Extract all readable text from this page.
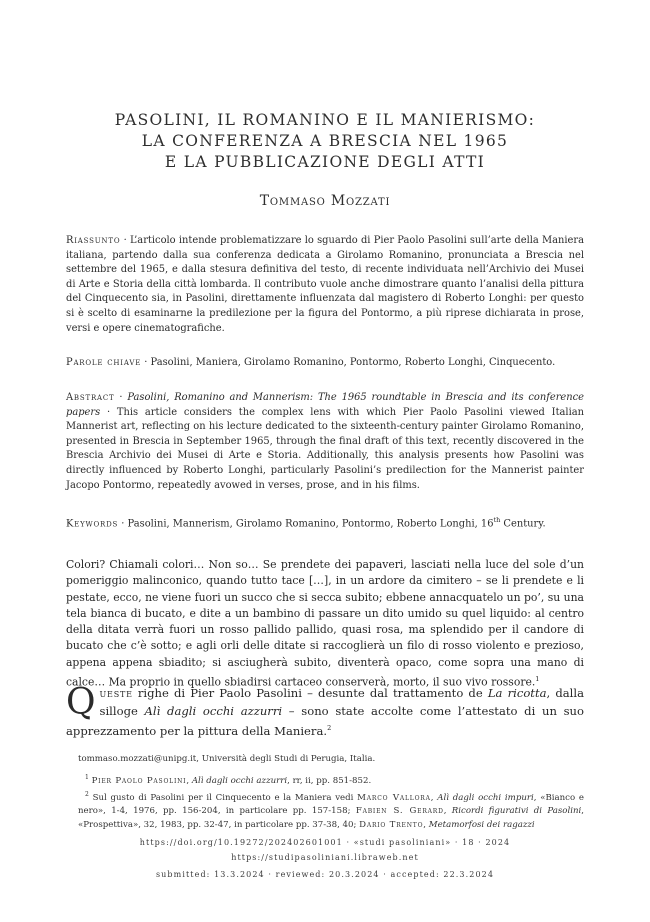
PASOLINI, IL ROMANINO E IL MANIERISMO:
LA CONFERENZA A BRESCIA NEL 1965
E LA PUBBLICAZIONE DEGLI ATTI
Tommaso Mozzati
Riassunto · L’articolo intende problematizzare lo sguardo di Pier Paolo Pasolini sull’arte della Maniera italiana, partendo dalla sua conferenza dedicata a Girolamo Romanino, pronunciata a Brescia nel settembre del 1965, e dalla stesura definitiva del testo, di recente individuata nell’Archivio dei Musei di Arte e Storia della città lombarda. Il contributo vuole anche dimostrare quanto l’analisi della pittura del Cinquecento sia, in Pasolini, direttamente influenzata dal magistero di Roberto Longhi: per questo si è scelto di esaminarne la predilezione per la figura del Pontormo, a più riprese dichiarata in prose, versi e opere cinematografiche.
Parole chiave · Pasolini, Maniera, Girolamo Romanino, Pontormo, Roberto Longhi, Cinquecento.
Abstract · Pasolini, Romanino and Mannerism: The 1965 roundtable in Brescia and its conference papers · This article considers the complex lens with which Pier Paolo Pasolini viewed Italian Mannerist art, reflecting on his lecture dedicated to the sixteenth-century painter Girolamo Romanino, presented in Brescia in September 1965, through the final draft of this text, recently discovered in the Brescia Archivio dei Musei di Arte e Storia. Additionally, this analysis presents how Pasolini was directly influenced by Roberto Longhi, particularly Pasolini’s predilection for the Mannerist painter Jacopo Pontormo, repeatedly avowed in verses, prose, and in his films.
Keywords · Pasolini, Mannerism, Girolamo Romanino, Pontormo, Roberto Longhi, 16th Century.
Colori? Chiamali colori… Non so… Se prendete dei papaveri, lasciati nella luce del sole d’un pomeriggio malinconico, quando tutto tace […], in un ardore da cimitero – se li prendete e li pestate, ecco, ne viene fuori un succo che si secca subito; ebbene annacquatelo un po’, su una tela bianca di bucato, e dite a un bambino di passare un dito umido su quel liquido: al centro della ditata verrà fuori un rosso pallido pallido, quasi rosa, ma splendido per il candore di bucato che c’è sotto; e agli orli delle ditate si raccoglierà un filo di rosso violento e prezioso, appena appena sbiadito; si asciugherà subito, diventerà opaco, come sopra una mano di calce… Ma proprio in quello sbiadirsi cartaceo conserverà, morto, il suo vivo rossore.$^1$
Queste righe di Pier Paolo Pasolini – desunte dal trattamento de La ricotta, dalla silloge Alì dagli occhi azzurri – sono state accolte come l’attestato di un suo apprezzamento per la pittura della Maniera.$^2$
tommaso.mozzati@unipg.it, Università degli Studi di Perugia, Italia.
$^1$ Pier Paolo Pasolini, Alì dagli occhi azzurri, rr, ii, pp. 851-852.
$^2$ Sul gusto di Pasolini per il Cinquecento e la Maniera vedi Marco Vallora, Alì dagli occhi impuri, «Bianco e nero», 1-4, 1976, pp. 156-204, in particolare pp. 157-158; Fabien S. Gerard, Ricordi figurativi di Pasolini, «Prospettiva», 32, 1983, pp. 32-47, in particolare pp. 37-38, 40; Dario Trento, Metamorfosi dei ragazzi
https://doi.org/10.19272/202402601001 · «studi pasoliniani» · 18 · 2024
https://studipasoliniani.libraweb.net
submitted: 13.3.2024 · reviewed: 20.3.2024 · accepted: 22.3.2024
